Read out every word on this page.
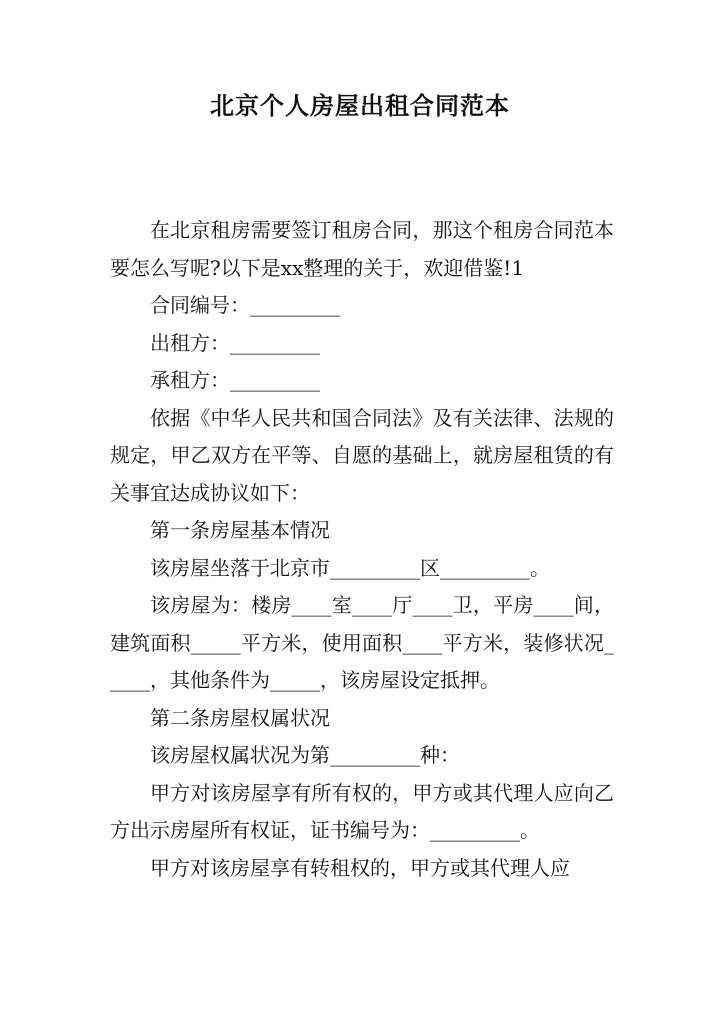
北京个人房屋出租合同范本

在北京租房需要签订租房合同，那这个租房合同范本要怎么写呢?以下是xx整理的关于，欢迎借鉴!1

合同编号：_________

出租方：_________

承租方：_________

依据《中华人民共和国合同法》及有关法律、法规的规定，甲乙双方在平等、自愿的基础上，就房屋租赁的有关事宜达成协议如下：

第一条房屋基本情况

该房屋坐落于北京市_________区_________。

该房屋为：楼房____室____厅____卫，平房____间，建筑面积_____平方米，使用面积____平方米，装修状况_____，其他条件为_____，该房屋设定抵押。

第二条房屋权属状况

该房屋权属状况为第_________种：

甲方对该房屋享有所有权的，甲方或其代理人应向乙方出示房屋所有权证，证书编号为：_________。

甲方对该房屋享有转租权的，甲方或其代理人应
